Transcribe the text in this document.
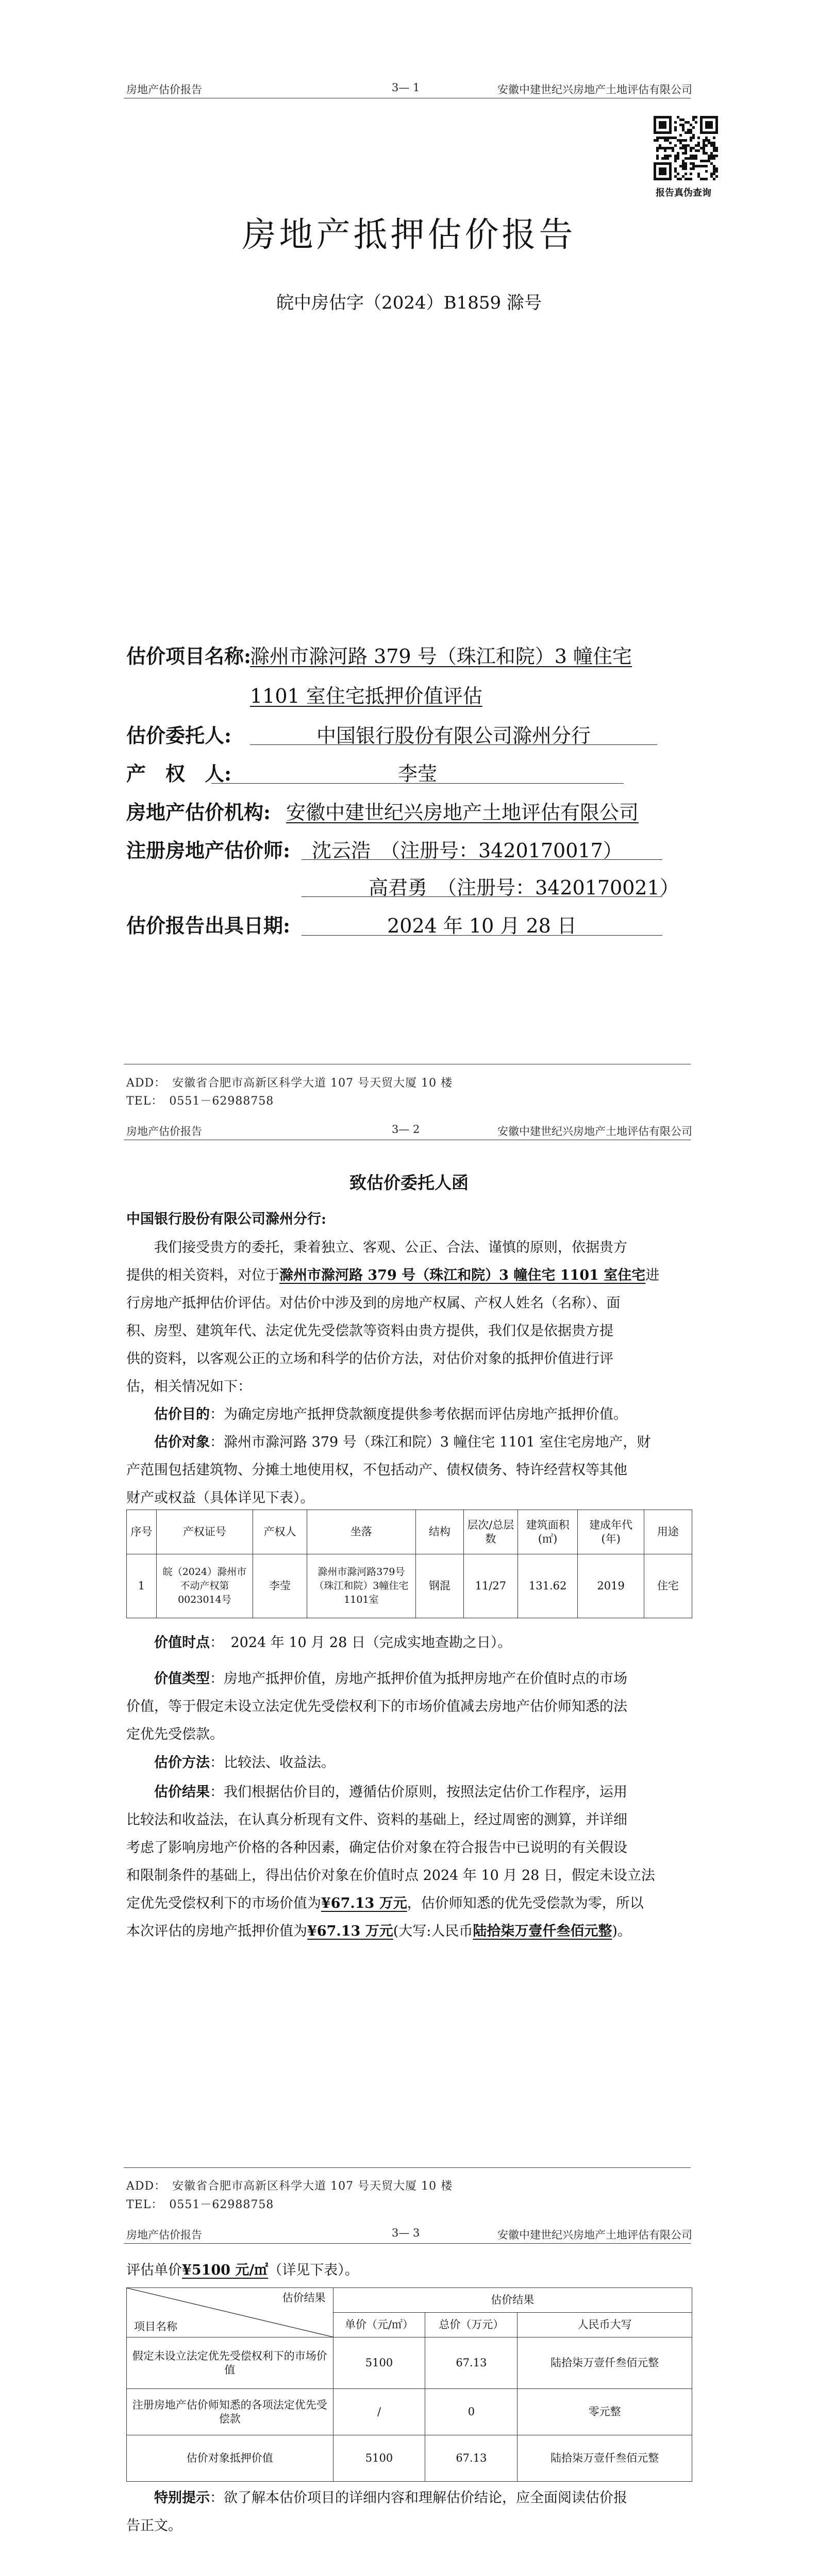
房地产估价报告	3— 1	安徽中建世纪兴房地产土地评估有限公司
报告真伪查询
房地产抵押估价报告
皖中房估字（2024）B1859 滁号
估价项目名称:
滁州市滁河路 379 号（珠江和院）3 幢住宅
1101 室住宅抵押价值评估
估价委托人:	中国银行股份有限公司滁州分行
产　权　人:	李莹
房地产估价机构: 安徽中建世纪兴房地产土地评估有限公司
注册房地产估价师: 沈云浩　（注册号：3420170017）
高君勇　（注册号：3420170021）
估价报告出具日期:	2024 年 10 月 28 日
ADD：　安徽省合肥市高新区科学大道 107 号天贸大厦 10 楼
TEL：　0551－62988758
房地产估价报告	3— 2	安徽中建世纪兴房地产土地评估有限公司
致估价委托人函
中国银行股份有限公司滁州分行:
我们接受贵方的委托，秉着独立、客观、公正、合法、谨慎的原则，依据贵方
提供的相关资料，对位于滁州市滁河路 379 号（珠江和院）3 幢住宅 1101 室住宅进
行房地产抵押估价评估。对估价中涉及到的房地产权属、产权人姓名（名称）、面
积、房型、建筑年代、法定优先受偿款等资料由贵方提供，我们仅是依据贵方提
供的资料，以客观公正的立场和科学的估价方法，对估价对象的抵押价值进行评
估，相关情况如下：
估价目的：为确定房地产抵押贷款额度提供参考依据而评估房地产抵押价值。
估价对象：滁州市滁河路 379 号（珠江和院）3 幢住宅 1101 室住宅房地产，财
产范围包括建筑物、分摊土地使用权，不包括动产、债权债务、特许经营权等其他
财产或权益（具体详见下表）。
序号	产权证号	产权人	坐落	结构	层次/总层数	建筑面积(㎡)	建成年代(年)	用途
1	皖（2024）滁州市不动产权第0023014号	李莹	滁州市滁河路379号（珠江和院）3幢住宅1101室	钢混	11/27	131.62	2019	住宅
价值时点：　2024 年 10 月 28 日（完成实地查勘之日）。
价值类型：房地产抵押价值，房地产抵押价值为抵押房地产在价值时点的市场
价值，等于假定未设立法定优先受偿权利下的市场价值减去房地产估价师知悉的法
定优先受偿款。
估价方法：比较法、收益法。
估价结果：我们根据估价目的，遵循估价原则，按照法定估价工作程序，运用
比较法和收益法，在认真分析现有文件、资料的基础上，经过周密的测算，并详细
考虑了影响房地产价格的各种因素，确定估价对象在符合报告中已说明的有关假设
和限制条件的基础上，得出估价对象在价值时点 2024 年 10 月 28 日，假定未设立法
定优先受偿权利下的市场价值为¥67.13 万元，估价师知悉的优先受偿款为零，所以
本次评估的房地产抵押价值为¥67.13 万元(大写:人民币陆拾柒万壹仟叁佰元整)。
ADD：　安徽省合肥市高新区科学大道 107 号天贸大厦 10 楼
TEL：　0551－62988758
房地产估价报告	3— 3	安徽中建世纪兴房地产土地评估有限公司
评估单价¥5100 元/㎡（详见下表）。
估价结果
项目名称	估价结果		
	单价（元/㎡）	总价（万元）	人民币大写
假定未设立法定优先受偿权利下的市场价值	5100	67.13	陆拾柒万壹仟叁佰元整
注册房地产估价师知悉的各项法定优先受偿款	/	0	零元整
估价对象抵押价值	5100	67.13	陆拾柒万壹仟叁佰元整
特别提示：欲了解本估价项目的详细内容和理解估价结论，应全面阅读估价报
告正文。
